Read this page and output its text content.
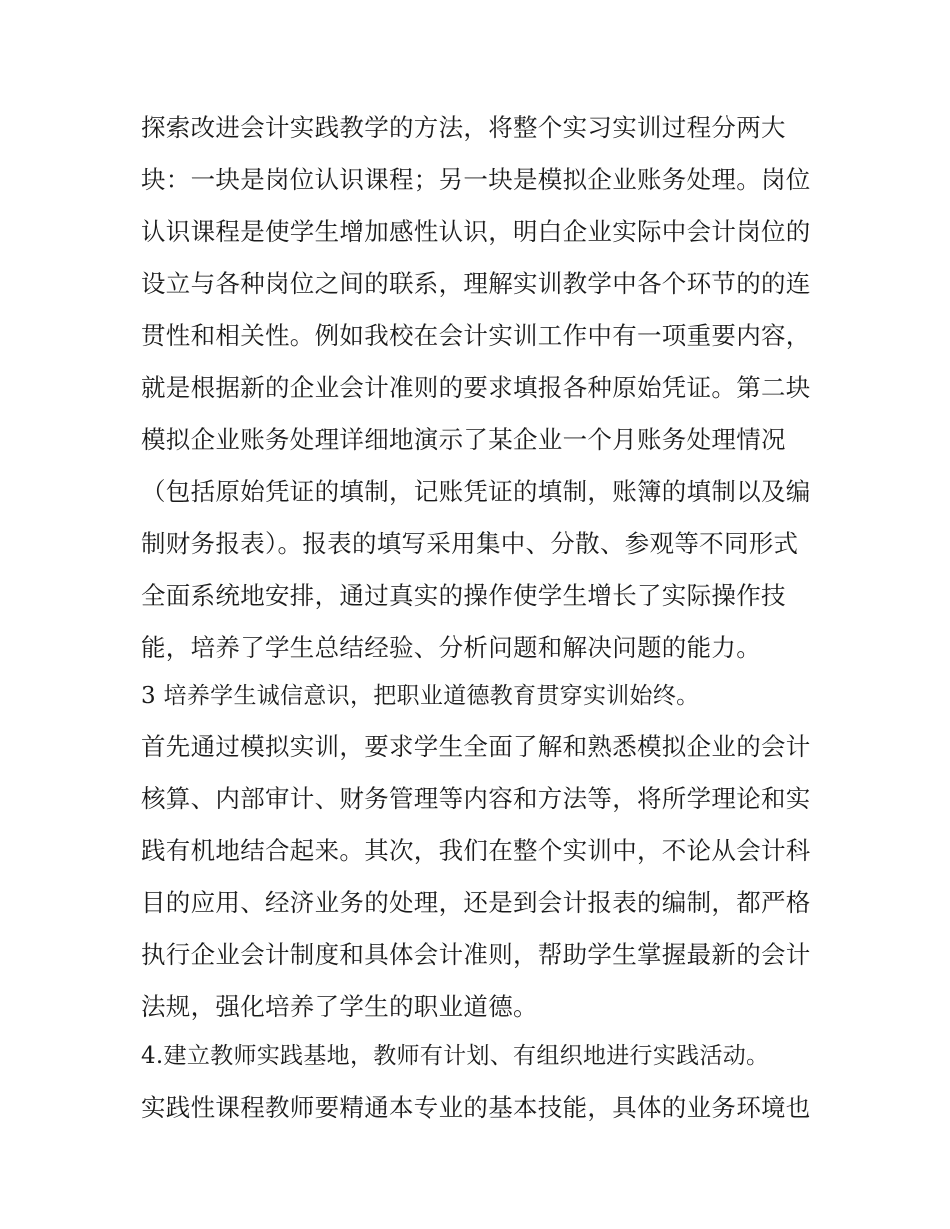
探索改进会计实践教学的方法，将整个实习实训过程分两大
块：一块是岗位认识课程；另一块是模拟企业账务处理。岗位
认识课程是使学生增加感性认识，明白企业实际中会计岗位的
设立与各种岗位之间的联系，理解实训教学中各个环节的的连
贯性和相关性。例如我校在会计实训工作中有一项重要内容，
就是根据新的企业会计准则的要求填报各种原始凭证。第二块
模拟企业账务处理详细地演示了某企业一个月账务处理情况
（包括原始凭证的填制，记账凭证的填制，账簿的填制以及编
制财务报表）。报表的填写采用集中、分散、参观等不同形式
全面系统地安排，通过真实的操作使学生增长了实际操作技
能，培养了学生总结经验、分析问题和解决问题的能力。
3 培养学生诚信意识，把职业道德教育贯穿实训始终。
首先通过模拟实训，要求学生全面了解和熟悉模拟企业的会计
核算、内部审计、财务管理等内容和方法等，将所学理论和实
践有机地结合起来。其次，我们在整个实训中，不论从会计科
目的应用、经济业务的处理，还是到会计报表的编制，都严格
执行企业会计制度和具体会计准则，帮助学生掌握最新的会计
法规，强化培养了学生的职业道德。
4.建立教师实践基地，教师有计划、有组织地进行实践活动。
实践性课程教师要精通本专业的基本技能，具体的业务环境也
